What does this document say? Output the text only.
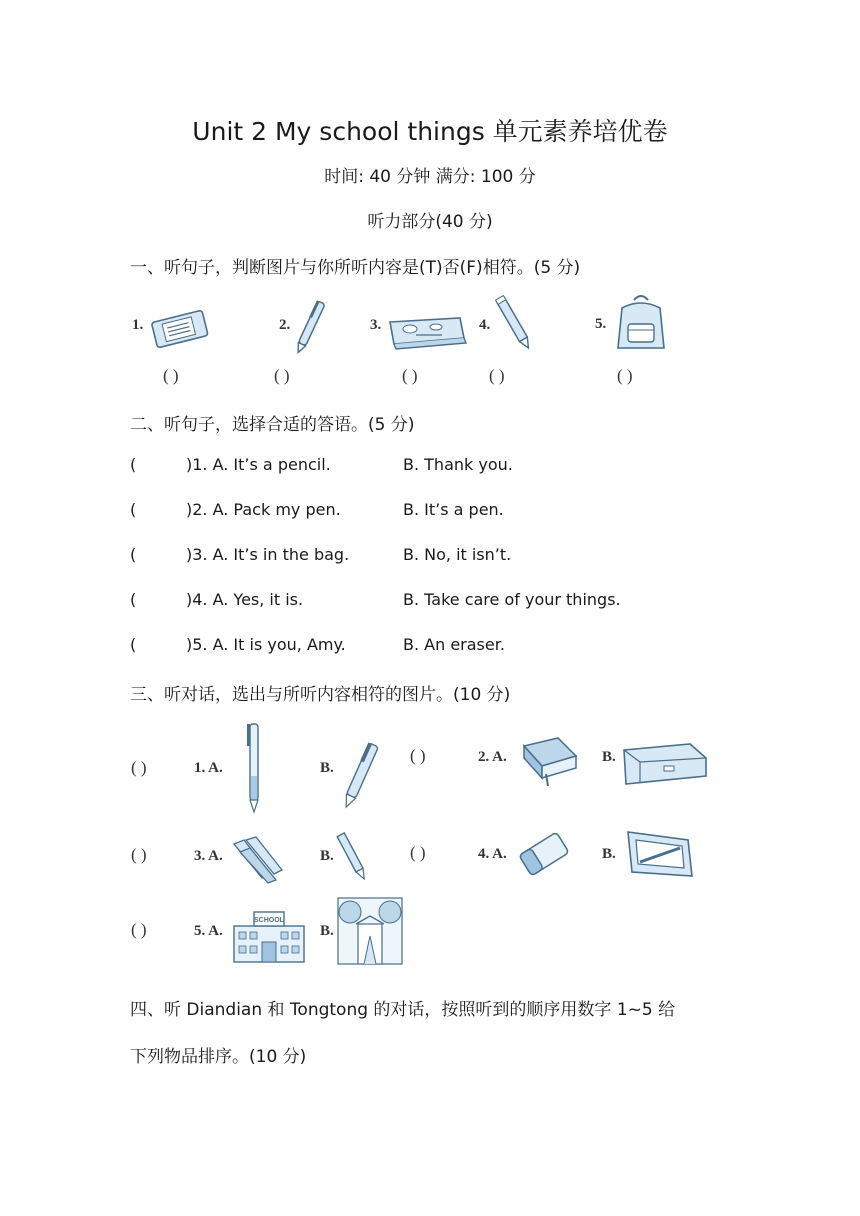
Unit 2 My school things 单元素养培优卷
时间: 40 分钟 满分: 100 分
听力部分(40 分)
一、听句子，判断图片与你所听内容是(T)否(F)相符。(5 分)
1.
( )
2.
( )
3.
( )
4.
( )
5.
( )
二、听句子，选择合适的答语。(5 分)
(	)1. A. It’s a pencil.	B. Thank you.
(	)2. A. Pack my pen.	B. It’s a pen.
(	)3. A. It’s in the bag.	B. No, it isn’t.
(	)4. A. Yes, it is.	B. Take care of your things.
(	)5. A. It is you, Amy.	B. An eraser.
三、听对话，选出与所听内容相符的图片。(10 分)
( )	1. A.	B.
( )	2. A.	B.
( )	3. A.	B.	( )	4. A.	B.
( )	5. A.
SCHOOL
B.
四、听 Diandian 和 Tongtong 的对话，按照听到的顺序用数字 1~5 给
下列物品排序。(10 分)
